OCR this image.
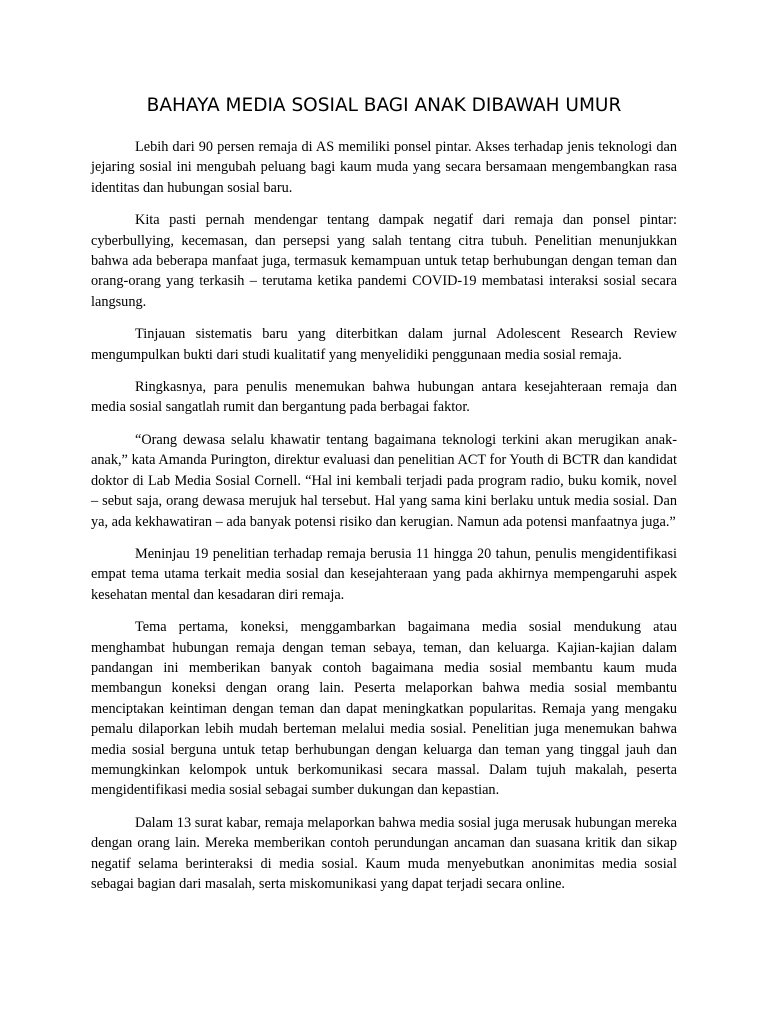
BAHAYA MEDIA SOSIAL BAGI ANAK DIBAWAH UMUR

Lebih dari 90 persen remaja di AS memiliki ponsel pintar. Akses terhadap jenis teknologi dan jejaring sosial ini mengubah peluang bagi kaum muda yang secara bersamaan mengembangkan rasa identitas dan hubungan sosial baru.

Kita pasti pernah mendengar tentang dampak negatif dari remaja dan ponsel pintar: cyberbullying, kecemasan, dan persepsi yang salah tentang citra tubuh. Penelitian menunjukkan bahwa ada beberapa manfaat juga, termasuk kemampuan untuk tetap berhubungan dengan teman dan orang-orang yang terkasih – terutama ketika pandemi COVID-19 membatasi interaksi sosial secara langsung.

Tinjauan sistematis baru yang diterbitkan dalam jurnal Adolescent Research Review mengumpulkan bukti dari studi kualitatif yang menyelidiki penggunaan media sosial remaja.

Ringkasnya, para penulis menemukan bahwa hubungan antara kesejahteraan remaja dan media sosial sangatlah rumit dan bergantung pada berbagai faktor.

“Orang dewasa selalu khawatir tentang bagaimana teknologi terkini akan merugikan anak-anak,” kata Amanda Purington, direktur evaluasi dan penelitian ACT for Youth di BCTR dan kandidat doktor di Lab Media Sosial Cornell. “Hal ini kembali terjadi pada program radio, buku komik, novel – sebut saja, orang dewasa merujuk hal tersebut. Hal yang sama kini berlaku untuk media sosial. Dan ya, ada kekhawatiran – ada banyak potensi risiko dan kerugian. Namun ada potensi manfaatnya juga.”

Meninjau 19 penelitian terhadap remaja berusia 11 hingga 20 tahun, penulis mengidentifikasi empat tema utama terkait media sosial dan kesejahteraan yang pada akhirnya mempengaruhi aspek kesehatan mental dan kesadaran diri remaja.

Tema pertama, koneksi, menggambarkan bagaimana media sosial mendukung atau menghambat hubungan remaja dengan teman sebaya, teman, dan keluarga. Kajian-kajian dalam pandangan ini memberikan banyak contoh bagaimana media sosial membantu kaum muda membangun koneksi dengan orang lain. Peserta melaporkan bahwa media sosial membantu menciptakan keintiman dengan teman dan dapat meningkatkan popularitas. Remaja yang mengaku pemalu dilaporkan lebih mudah berteman melalui media sosial. Penelitian juga menemukan bahwa media sosial berguna untuk tetap berhubungan dengan keluarga dan teman yang tinggal jauh dan memungkinkan kelompok untuk berkomunikasi secara massal. Dalam tujuh makalah, peserta mengidentifikasi media sosial sebagai sumber dukungan dan kepastian.

Dalam 13 surat kabar, remaja melaporkan bahwa media sosial juga merusak hubungan mereka dengan orang lain. Mereka memberikan contoh perundungan ancaman dan suasana kritik dan sikap negatif selama berinteraksi di media sosial. Kaum muda menyebutkan anonimitas media sosial sebagai bagian dari masalah, serta miskomunikasi yang dapat terjadi secara online.
